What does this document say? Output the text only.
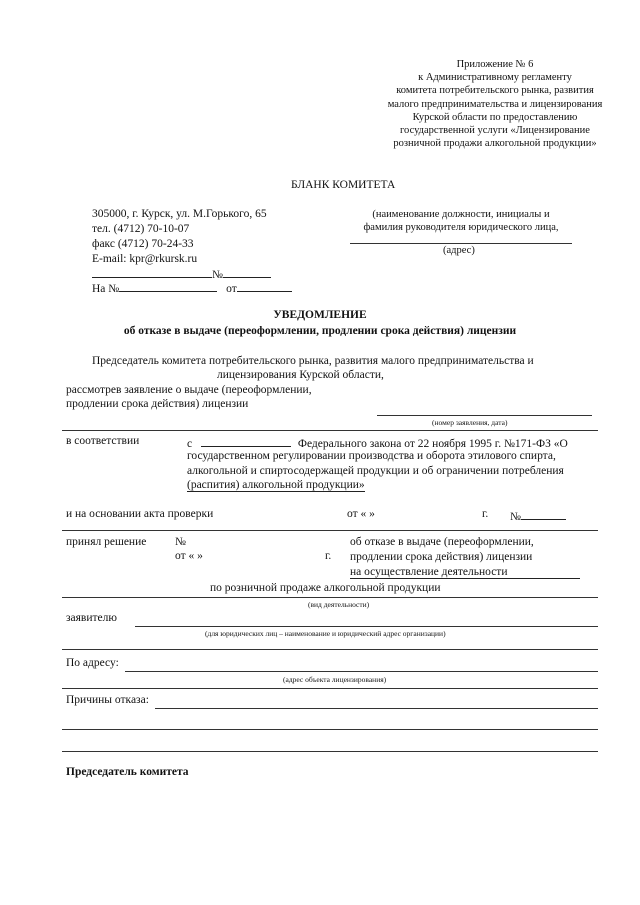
Приложение № 6
к Административному регламенту
комитета потребительского рынка, развития
малого предпринимательства и лицензирования
Курской области по предоставлению
государственной услуги «Лицензирование
розничной продажи алкогольной продукции»
БЛАНК КОМИТЕТА
305000, г. Курск, ул. М.Горького, 65
тел. (4712) 70-10-07
факс (4712) 70-24-33
E-mail: kpr@rkursk.ru
№
На №	от
(наименование должности, инициалы и
фамилия руководителя юридического лица,
(адрес)
УВЕДОМЛЕНИЕ
об отказе в выдаче (переоформлении, продлении срока действия) лицензии
Председатель комитета потребительского рынка, развития малого предпринимательства и
лицензирования Курской области,
рассмотрев заявление о выдаче (переоформлении,
продлении срока действия) лицензии
(номер заявления, дата)
в соответствии	с	Федерального закона от 22 ноября 1995 г. №171-ФЗ «О
государственном регулировании производства и оборота этилового спирта,
алкогольной и спиртосодержащей продукции и об ограничении потребления
(распития) алкогольной продукции»
и на основании акта проверки	от « »	г. №
принял решение №
от « »	г.
об отказе в выдаче (переоформлении,
продлении срока действия) лицензии
на осуществление деятельности
по розничной продаже алкогольной продукции
(вид деятельности)
заявителю
(для юридических лиц – наименование и юридический адрес организации)
По адресу:
(адрес объекта лицензирования)
Причины отказа:
Председатель комитета
